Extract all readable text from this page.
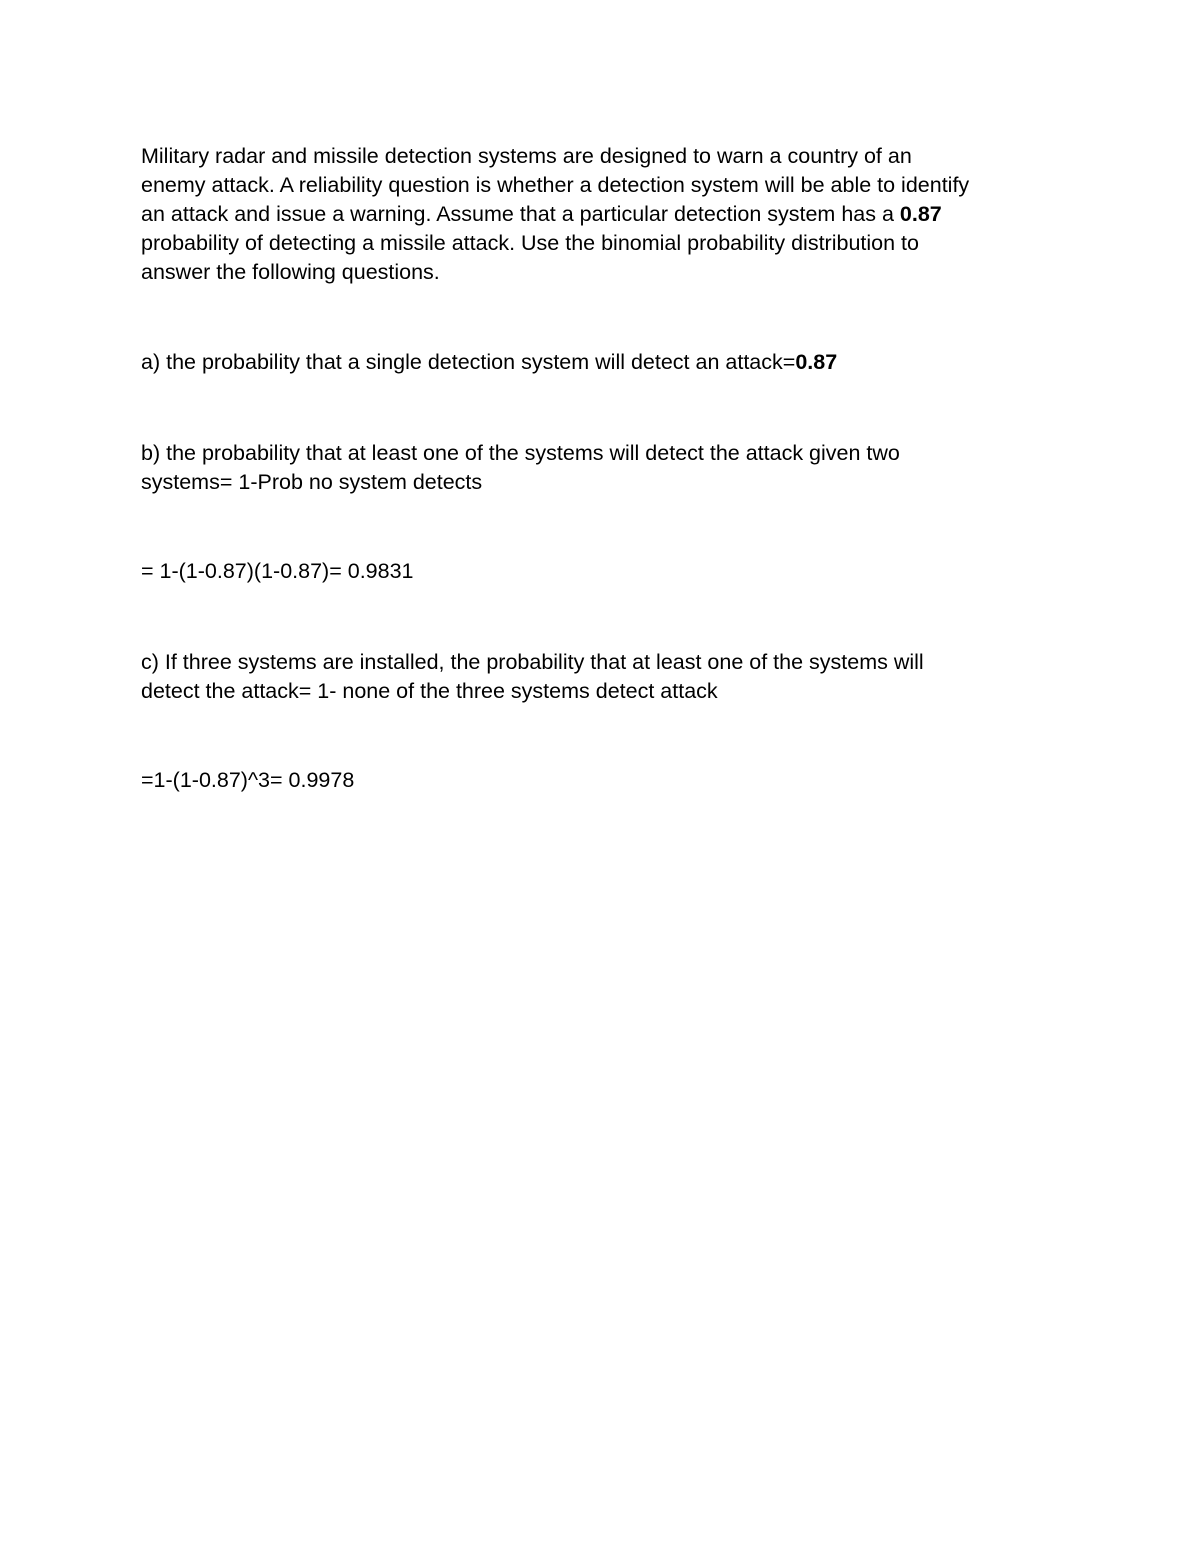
Military radar and missile detection systems are designed to warn a country of an
enemy attack. A reliability question is whether a detection system will be able to identify
an attack and issue a warning. Assume that a particular detection system has a 0.87
probability of detecting a missile attack. Use the binomial probability distribution to
answer the following questions.

a) the probability that a single detection system will detect an attack=0.87

b) the probability that at least one of the systems will detect the attack given two
systems= 1-Prob no system detects

= 1-(1-0.87)(1-0.87)= 0.9831

c) If three systems are installed, the probability that at least one of the systems will
detect the attack= 1- none of the three systems detect attack

=1-(1-0.87)^3= 0.9978
